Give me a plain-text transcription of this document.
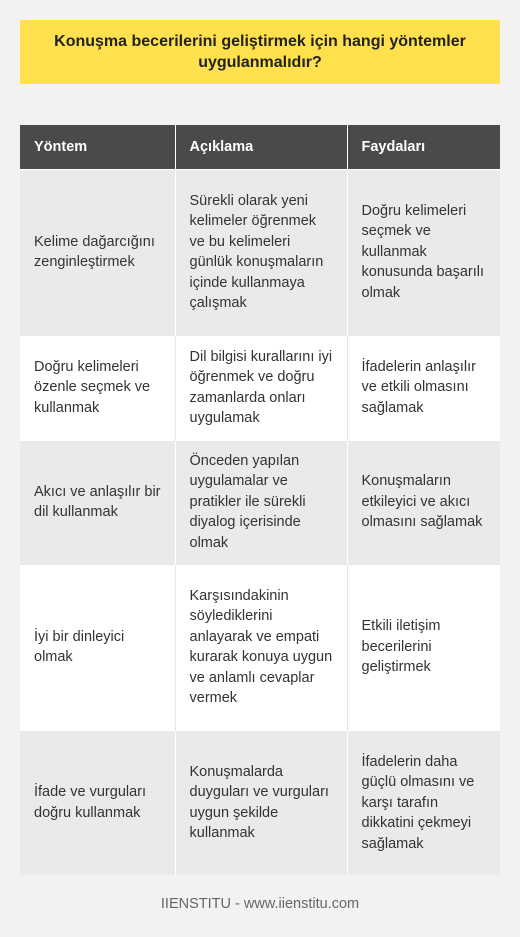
Konuşma becerilerini geliştirmek için hangi yöntemler uygulanmalıdır?
Yöntem	Açıklama	Faydaları
Kelime dağarcığını zenginleştirmek	Sürekli olarak yeni kelimeler öğrenmek ve bu kelimeleri günlük konuşmaların içinde kullanmaya çalışmak	Doğru kelimeleri seçmek ve kullanmak konusunda başarılı olmak
Doğru kelimeleri özenle seçmek ve kullanmak	Dil bilgisi kurallarını iyi öğrenmek ve doğru zamanlarda onları uygulamak	İfadelerin anlaşılır ve etkili olmasını sağlamak
Akıcı ve anlaşılır bir dil kullanmak	Önceden yapılan uygulamalar ve pratikler ile sürekli diyalog içerisinde olmak	Konuşmaların etkileyici ve akıcı olmasını sağlamak
İyi bir dinleyici olmak	Karşısındakinin söylediklerini anlayarak ve empati kurarak konuya uygun ve anlamlı cevaplar vermek	Etkili iletişim becerilerini geliştirmek
İfade ve vurguları doğru kullanmak	Konuşmalarda duyguları ve vurguları uygun şekilde kullanmak	İfadelerin daha güçlü olmasını ve karşı tarafın dikkatini çekmeyi sağlamak
IIENSTITU - www.iienstitu.com
